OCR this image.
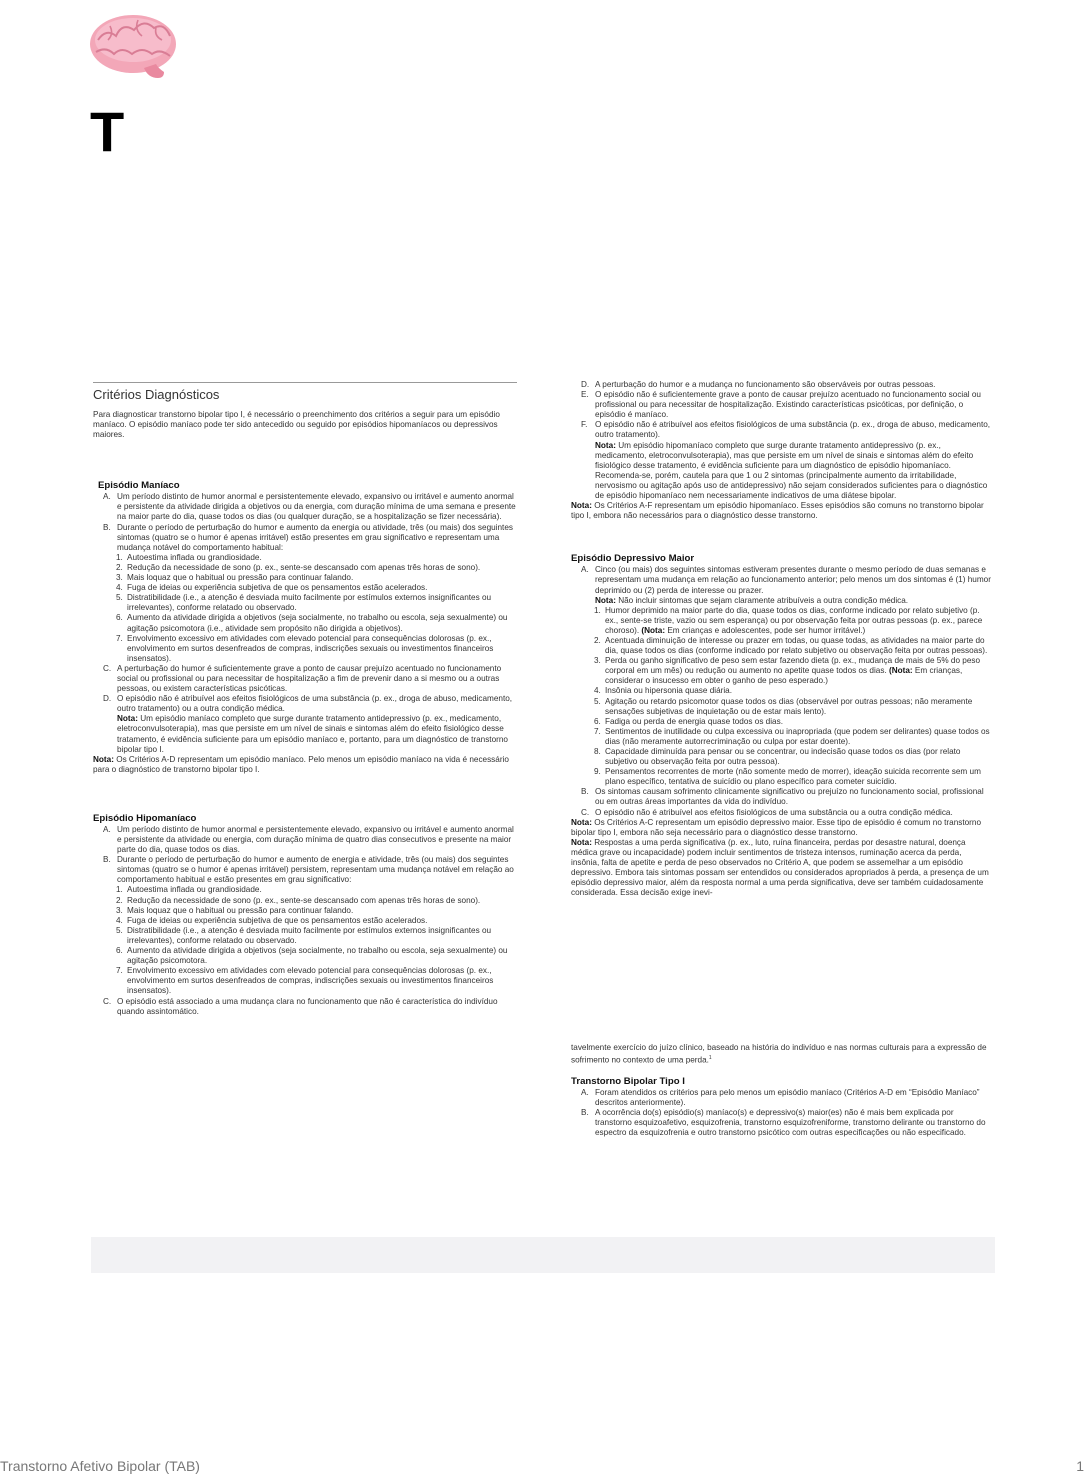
T
Critérios Diagnósticos

Para diagnosticar transtorno bipolar tipo I, é necessário o preenchimento dos critérios a seguir para um episódio maníaco. O episódio maníaco pode ter sido antecedido ou seguido por episódios hipomaníacos ou depressivos maiores.

Episódio Maníaco
A. Um período distinto de humor anormal e persistentemente elevado, expansivo ou irritável e aumento anormal e persistente da atividade dirigida a objetivos ou da energia, com duração mínima de uma semana e presente na maior parte do dia, quase todos os dias (ou qualquer duração, se a hospitalização se fizer necessária).
B. Durante o período de perturbação do humor e aumento da energia ou atividade, três (ou mais) dos seguintes sintomas (quatro se o humor é apenas irritável) estão presentes em grau significativo e representam uma mudança notável do comportamento habitual:
1. Autoestima inflada ou grandiosidade.
2. Redução da necessidade de sono (p. ex., sente-se descansado com apenas três horas de sono).
3. Mais loquaz que o habitual ou pressão para continuar falando.
4. Fuga de ideias ou experiência subjetiva de que os pensamentos estão acelerados.
5. Distratibilidade (i.e., a atenção é desviada muito facilmente por estímulos externos insignificantes ou irrelevantes), conforme relatado ou observado.
6. Aumento da atividade dirigida a objetivos (seja socialmente, no trabalho ou escola, seja sexualmente) ou agitação psicomotora (i.e., atividade sem propósito não dirigida a objetivos).
7. Envolvimento excessivo em atividades com elevado potencial para consequências dolorosas (p. ex., envolvimento em surtos desenfreados de compras, indiscrições sexuais ou investimentos financeiros insensatos).
C. A perturbação do humor é suficientemente grave a ponto de causar prejuízo acentuado no funcionamento social ou profissional ou para necessitar de hospitalização a fim de prevenir dano a si mesmo ou a outras pessoas, ou existem características psicóticas.
D. O episódio não é atribuível aos efeitos fisiológicos de uma substância (p. ex., droga de abuso, medicamento, outro tratamento) ou a outra condição médica.
Nota: Um episódio maníaco completo que surge durante tratamento antidepressivo (p. ex., medicamento, eletroconvulsoterapia), mas que persiste em um nível de sinais e sintomas além do efeito fisiológico desse tratamento, é evidência suficiente para um episódio maníaco e, portanto, para um diagnóstico de transtorno bipolar tipo I.

Nota: Os Critérios A-D representam um episódio maníaco. Pelo menos um episódio maníaco na vida é necessário para o diagnóstico de transtorno bipolar tipo I.

Episódio Hipomaníaco
A. Um período distinto de humor anormal e persistentemente elevado, expansivo ou irritável e aumento anormal e persistente da atividade ou energia, com duração mínima de quatro dias consecutivos e presente na maior parte do dia, quase todos os dias.
B. Durante o período de perturbação do humor e aumento de energia e atividade, três (ou mais) dos seguintes sintomas (quatro se o humor é apenas irritável) persistem, representam uma mudança notável em relação ao comportamento habitual e estão presentes em grau significativo:
1. Autoestima inflada ou grandiosidade.
2. Redução da necessidade de sono (p. ex., sente-se descansado com apenas três horas de sono).
3. Mais loquaz que o habitual ou pressão para continuar falando.
4. Fuga de ideias ou experiência subjetiva de que os pensamentos estão acelerados.
5. Distratibilidade (i.e., a atenção é desviada muito facilmente por estímulos externos insignificantes ou irrelevantes), conforme relatado ou observado.
6. Aumento da atividade dirigida a objetivos (seja socialmente, no trabalho ou escola, seja sexualmente) ou agitação psicomotora.
7. Envolvimento excessivo em atividades com elevado potencial para consequências dolorosas (p. ex., envolvimento em surtos desenfreados de compras, indiscrições sexuais ou investimentos financeiros insensatos).
C. O episódio está associado a uma mudança clara no funcionamento que não é característica do indivíduo quando assintomático.
D. A perturbação do humor e a mudança no funcionamento são observáveis por outras pessoas.
E. O episódio não é suficientemente grave a ponto de causar prejuízo acentuado no funcionamento social ou profissional ou para necessitar de hospitalização. Existindo características psicóticas, por definição, o episódio é maníaco.
F. O episódio não é atribuível aos efeitos fisiológicos de uma substância (p. ex., droga de abuso, medicamento, outro tratamento).
Nota: Um episódio hipomaníaco completo que surge durante tratamento antidepressivo (p. ex., medicamento, eletroconvulsoterapia), mas que persiste em um nível de sinais e sintomas além do efeito fisiológico desse tratamento, é evidência suficiente para um diagnóstico de episódio hipomaníaco. Recomenda-se, porém, cautela para que 1 ou 2 sintomas (principalmente aumento da irritabilidade, nervosismo ou agitação após uso de antidepressivo) não sejam considerados suficientes para o diagnóstico de episódio hipomaníaco nem necessariamente indicativos de uma diátese bipolar.

Nota: Os Critérios A-F representam um episódio hipomaníaco. Esses episódios são comuns no transtorno bipolar tipo I, embora não necessários para o diagnóstico desse transtorno.

Episódio Depressivo Maior
A. Cinco (ou mais) dos seguintes sintomas estiveram presentes durante o mesmo período de duas semanas e representam uma mudança em relação ao funcionamento anterior; pelo menos um dos sintomas é (1) humor deprimido ou (2) perda de interesse ou prazer.
Nota: Não incluir sintomas que sejam claramente atribuíveis a outra condição médica.
1. Humor deprimido na maior parte do dia, quase todos os dias, conforme indicado por relato subjetivo (p. ex., sente-se triste, vazio ou sem esperança) ou por observação feita por outras pessoas (p. ex., parece choroso). (Nota: Em crianças e adolescentes, pode ser humor irritável.)
2. Acentuada diminuição de interesse ou prazer em todas, ou quase todas, as atividades na maior parte do dia, quase todos os dias (conforme indicado por relato subjetivo ou observação feita por outras pessoas).
3. Perda ou ganho significativo de peso sem estar fazendo dieta (p. ex., mudança de mais de 5% do peso corporal em um mês) ou redução ou aumento no apetite quase todos os dias. (Nota: Em crianças, considerar o insucesso em obter o ganho de peso esperado.)
4. Insônia ou hipersonia quase diária.
5. Agitação ou retardo psicomotor quase todos os dias (observável por outras pessoas; não meramente sensações subjetivas de inquietação ou de estar mais lento).
6. Fadiga ou perda de energia quase todos os dias.
7. Sentimentos de inutilidade ou culpa excessiva ou inapropriada (que podem ser delirantes) quase todos os dias (não meramente autorrecriminação ou culpa por estar doente).
8. Capacidade diminuída para pensar ou se concentrar, ou indecisão quase todos os dias (por relato subjetivo ou observação feita por outra pessoa).
9. Pensamentos recorrentes de morte (não somente medo de morrer), ideação suicida recorrente sem um plano específico, tentativa de suicídio ou plano específico para cometer suicídio.
B. Os sintomas causam sofrimento clinicamente significativo ou prejuízo no funcionamento social, profissional ou em outras áreas importantes da vida do indivíduo.
C. O episódio não é atribuível aos efeitos fisiológicos de uma substância ou a outra condição médica.

Nota: Os Critérios A-C representam um episódio depressivo maior. Esse tipo de episódio é comum no transtorno bipolar tipo I, embora não seja necessário para o diagnóstico desse transtorno.

Nota: Respostas a uma perda significativa (p. ex., luto, ruína financeira, perdas por desastre natural, doença médica grave ou incapacidade) podem incluir sentimentos de tristeza intensos, ruminação acerca da perda, insônia, falta de apetite e perda de peso observados no Critério A, que podem se assemelhar a um episódio depressivo. Embora tais sintomas possam ser entendidos ou considerados apropriados à perda, a presença de um episódio depressivo maior, além da resposta normal a uma perda significativa, deve ser também cuidadosamente considerada. Essa decisão exige inevi-

tavelmente exercício do juízo clínico, baseado na história do indivíduo e nas normas culturais para a expressão de sofrimento no contexto de uma perda.$^1$

Transtorno Bipolar Tipo I
A. Foram atendidos os critérios para pelo menos um episódio maníaco (Critérios A-D em “Episódio Maníaco” descritos anteriormente).
B. A ocorrência do(s) episódio(s) maníaco(s) e depressivo(s) maior(es) não é mais bem explicada por transtorno esquizoafetivo, esquizofrenia, transtorno esquizofreniforme, transtorno delirante ou transtorno do espectro da esquizofrenia e outro transtorno psicótico com outras especificações ou não especificado.
Transtorno Afetivo Bipolar (TAB)	1
